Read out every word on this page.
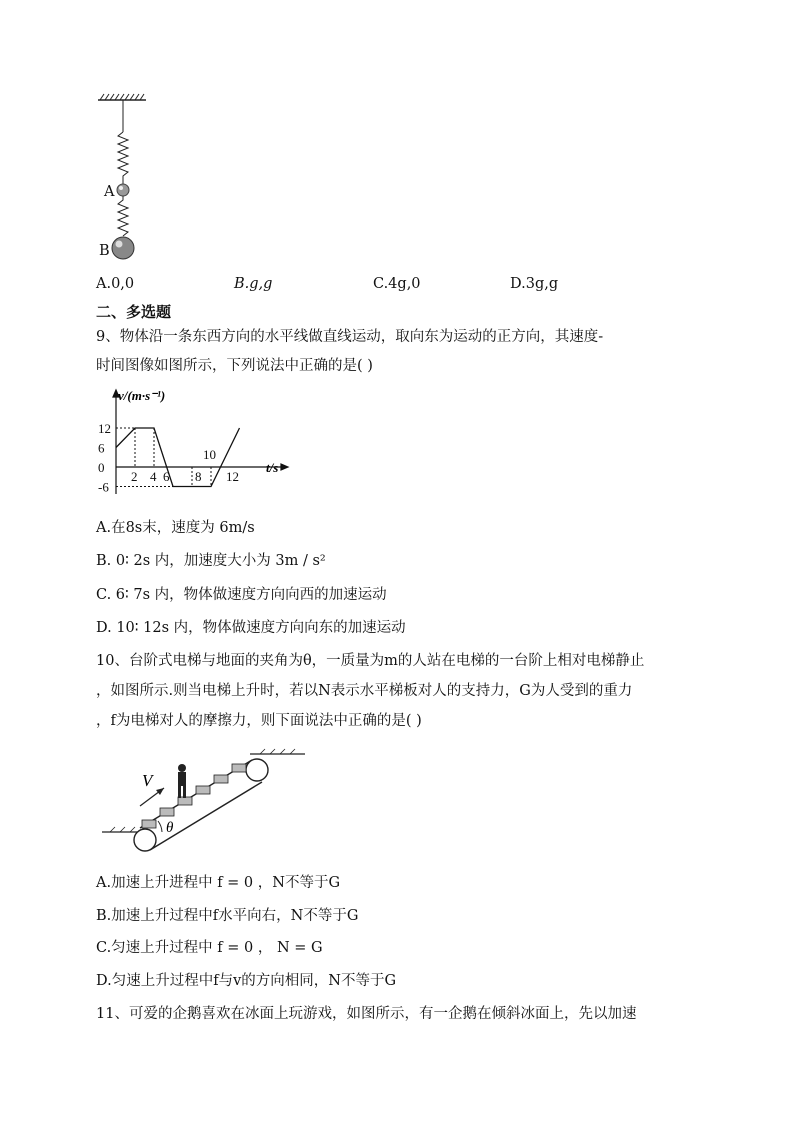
A
B
A.0,0	B.g,g	C.4g,0	D.3g,g
二、多选题
9、物体沿一条东西方向的水平线做直线运动，取向东为运动的正方向，其速度-
时间图像如图所示，下列说法中正确的是( )
v/(m·s⁻¹)
t/s
12
6
0
-6
2 4 6 8
10
12
A.在8s末，速度为 6m/s
B. 0∶ 2s 内，加速度大小为 3m / s²
C. 6∶ 7s 内，物体做速度方向向西的加速运动
D. 10∶ 12s 内，物体做速度方向向东的加速运动
10、台阶式电梯与地面的夹角为θ，一质量为m的人站在电梯的一台阶上相对电梯静止
，如图所示.则当电梯上升时，若以N表示水平梯板对人的支持力，G为人受到的重力
，f为电梯对人的摩擦力，则下面说法中正确的是( )
V
θ
A.加速上升进程中 f = 0 ，N不等于G
B.加速上升过程中f水平向右，N不等于G
C.匀速上升过程中 f = 0 ， N = G
D.匀速上升过程中f与v的方向相同，N不等于G
11、可爱的企鹅喜欢在冰面上玩游戏，如图所示，有一企鹅在倾斜冰面上，先以加速
